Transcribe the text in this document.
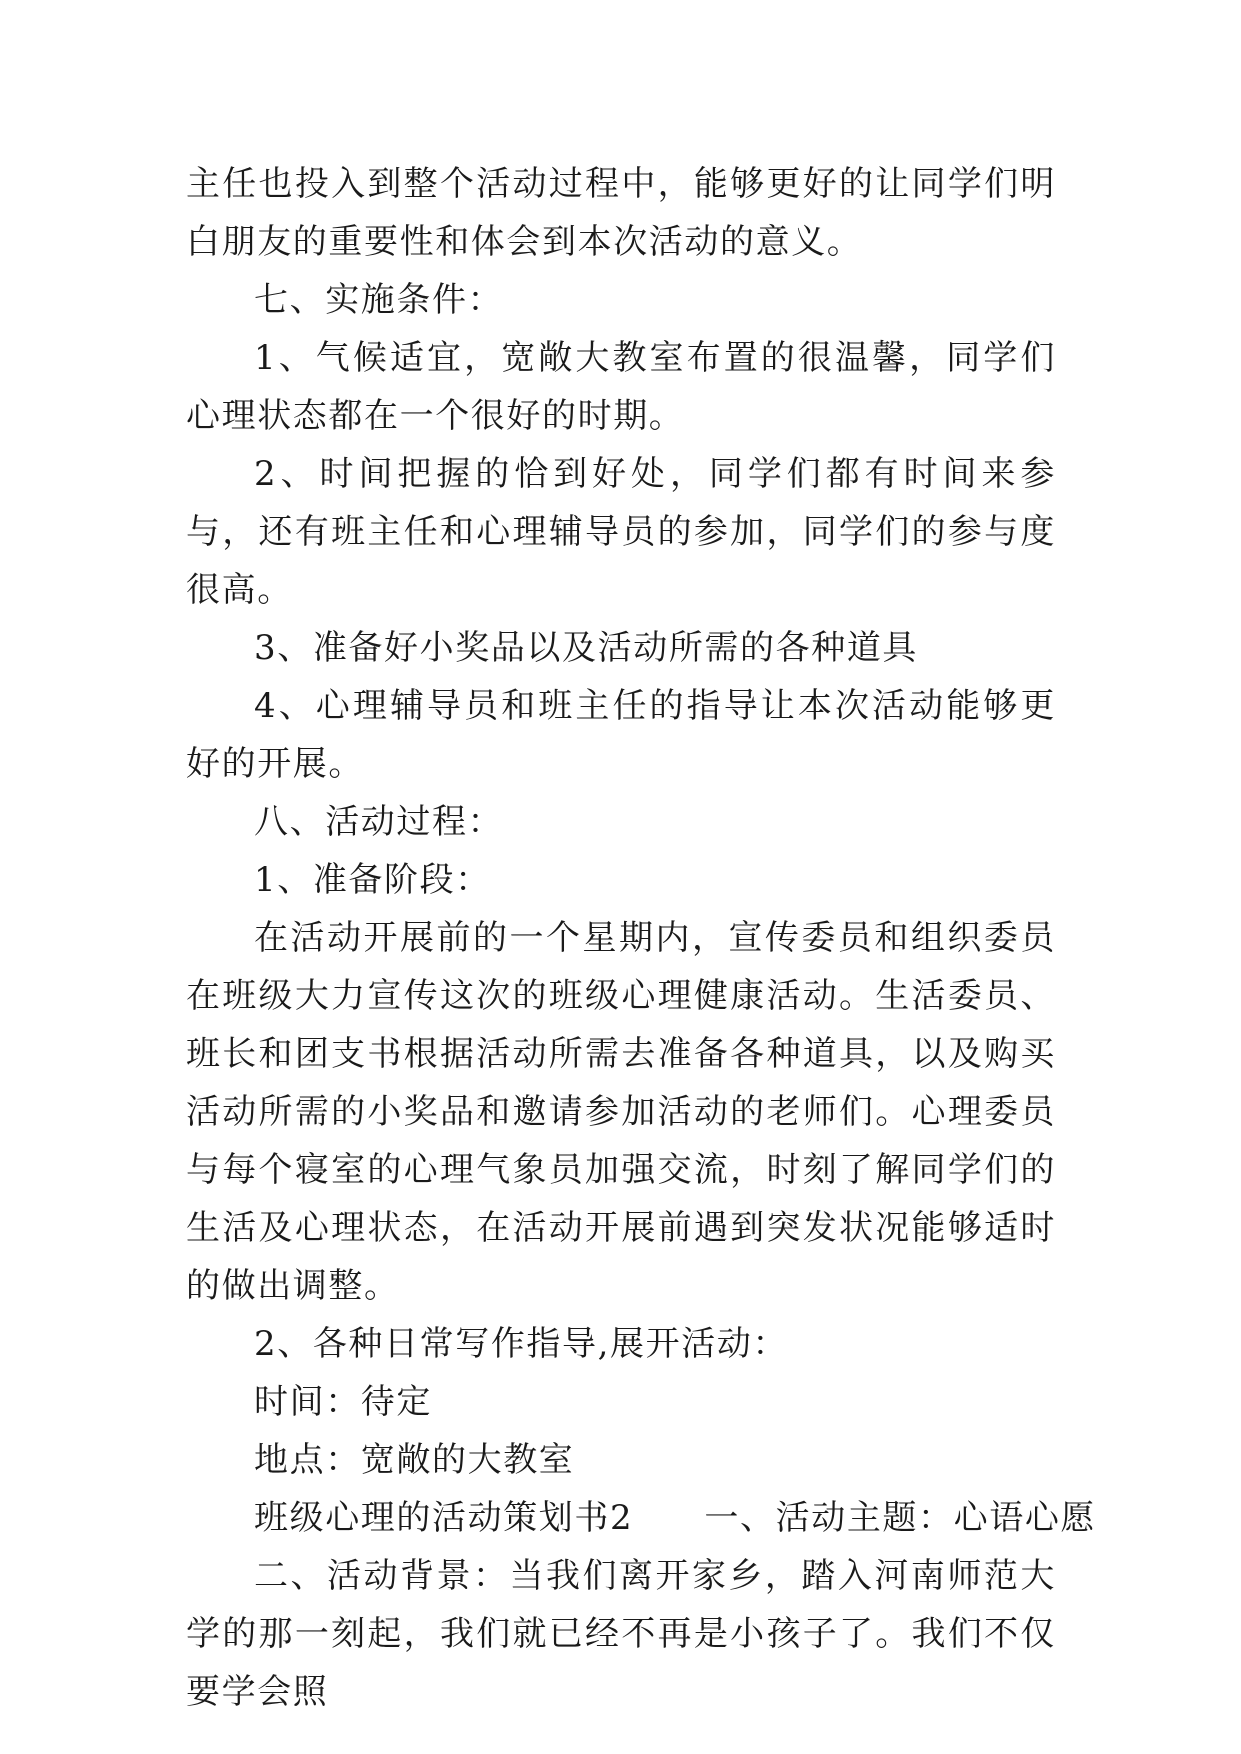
主任也投入到整个活动过程中，能够更好的让同学们明白朋友的重要性和体会到本次活动的意义。

七、实施条件：

1、气候适宜，宽敞大教室布置的很温馨，同学们心理状态都在一个很好的时期。

2、时间把握的恰到好处，同学们都有时间来参与，还有班主任和心理辅导员的参加，同学们的参与度很高。

3、准备好小奖品以及活动所需的各种道具

4、心理辅导员和班主任的指导让本次活动能够更好的开展。

八、活动过程：

1、准备阶段：

在活动开展前的一个星期内，宣传委员和组织委员在班级大力宣传这次的班级心理健康活动。生活委员、班长和团支书根据活动所需去准备各种道具，以及购买活动所需的小奖品和邀请参加活动的老师们。心理委员与每个寝室的心理气象员加强交流，时刻了解同学们的生活及心理状态，在活动开展前遇到突发状况能够适时的做出调整。

2、各种日常写作指导,展开活动：

时间：待定

地点：宽敞的大教室

班级心理的活动策划书2　　一、活动主题：心语心愿

二、活动背景：当我们离开家乡，踏入河南师范大学的那一刻起，我们就已经不再是小孩子了。我们不仅要学会照
